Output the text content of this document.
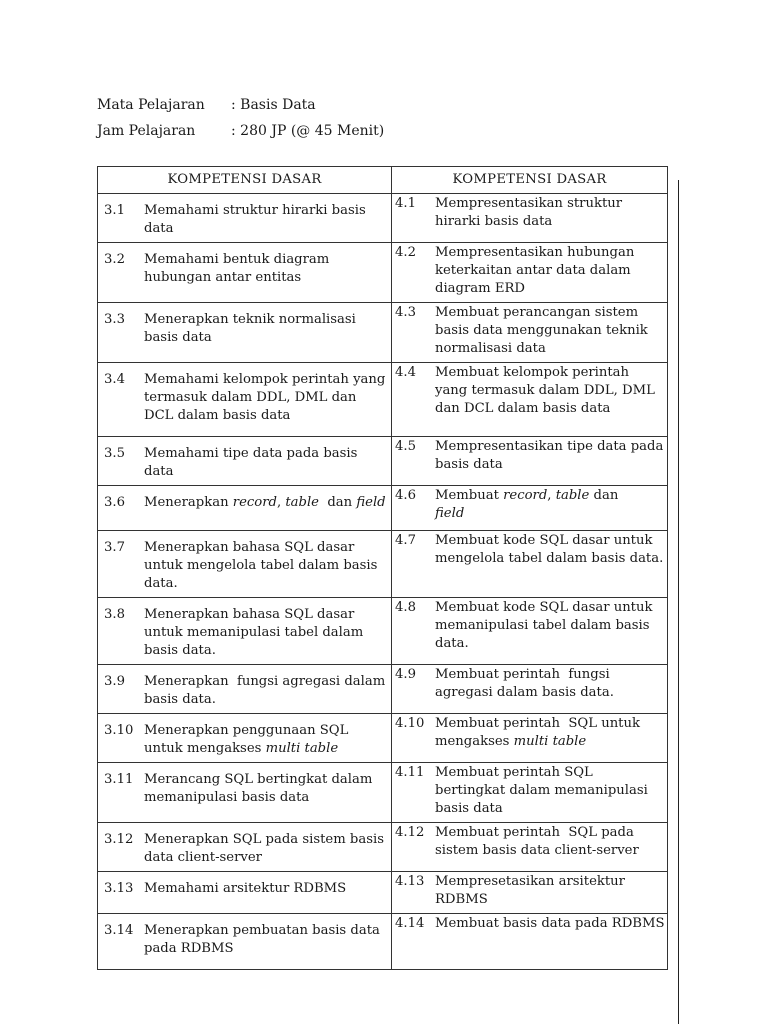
Mata Pelajaran : Basis Data
Jam Pelajaran	: 280 JP (@ 45 Menit)
KOMPETENSI DASAR	KOMPETENSI DASAR

3.1 Memahami struktur hirarki basis data	4.1 Mempresentasikan struktur hirarki basis data

3.2 Memahami bentuk diagram hubungan antar entitas	4.2 Mempresentasikan hubungan keterkaitan antar data dalam diagram ERD

3.3 Menerapkan teknik normalisasi basis data	4.3 Membuat perancangan sistem basis data menggunakan teknik normalisasi data

3.4 Memahami kelompok perintah yang termasuk dalam DDL, DML dan DCL dalam basis data	4.4 Membuat kelompok perintah yang termasuk dalam DDL, DML dan DCL dalam basis data

3.5 Memahami tipe data pada basis data	4.5 Mempresentasikan tipe data pada basis data

3.6 Menerapkan record, table  dan field	4.6 Membuat record, table dan
field

3.7 Menerapkan bahasa SQL dasar untuk mengelola tabel dalam basis data.	4.7 Membuat kode SQL dasar untuk mengelola tabel dalam basis data.

3.8 Menerapkan bahasa SQL dasar untuk memanipulasi tabel dalam basis data.	4.8 Membuat kode SQL dasar untuk memanipulasi tabel dalam basis data.

3.9 Menerapkan  fungsi agregasi dalam basis data.	4.9 Membuat perintah  fungsi agregasi dalam basis data.

3.10 Menerapkan penggunaan SQL untuk mengakses multi table	4.10 Membuat perintah  SQL untuk mengakses multi table

3.11 Merancang SQL bertingkat dalam memanipulasi basis data	4.11 Membuat perintah SQL bertingkat dalam memanipulasi basis data

3.12 Menerapkan SQL pada sistem basis data client-server	4.12 Membuat perintah  SQL pada sistem basis data client-server

3.13 Memahami arsitektur RDBMS	4.13 Mempresetasikan arsitektur RDBMS

3.14 Menerapkan pembuatan basis data pada RDBMS	4.14 Membuat basis data pada RDBMS
